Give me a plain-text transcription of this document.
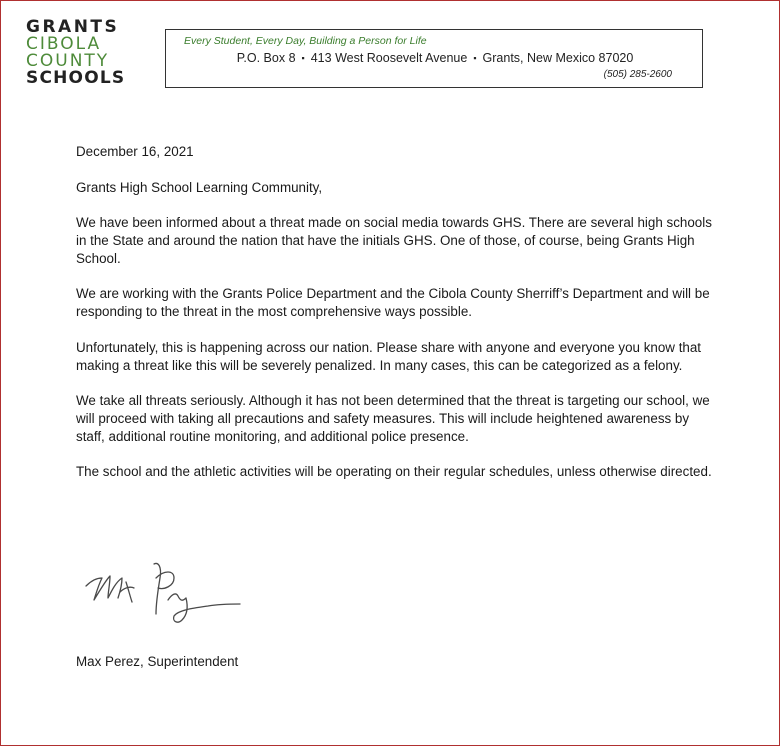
GRANTS
CIBOLA
COUNTY
SCHOOLS
Every Student, Every Day, Building a Person for Life
P.O. Box 8 ▪ 413 West Roosevelt Avenue ▪ Grants, New Mexico 87020
(505) 285-2600

December 16, 2021

Grants High School Learning Community,

We have been informed about a threat made on social media towards GHS. There are several high schools in the State and around the nation that have the initials GHS. One of those, of course, being Grants High School.

We are working with the Grants Police Department and the Cibola County Sherriff’s Department and will be responding to the threat in the most comprehensive ways possible.

Unfortunately, this is happening across our nation. Please share with anyone and everyone you know that making a threat like this will be severely penalized. In many cases, this can be categorized as a felony.

We take all threats seriously. Although it has not been determined that the threat is targeting our school, we will proceed with taking all precautions and safety measures. This will include heightened awareness by staff, additional routine monitoring, and additional police presence.

The school and the athletic activities will be operating on their regular schedules, unless otherwise directed.

Max Perez, Superintendent
